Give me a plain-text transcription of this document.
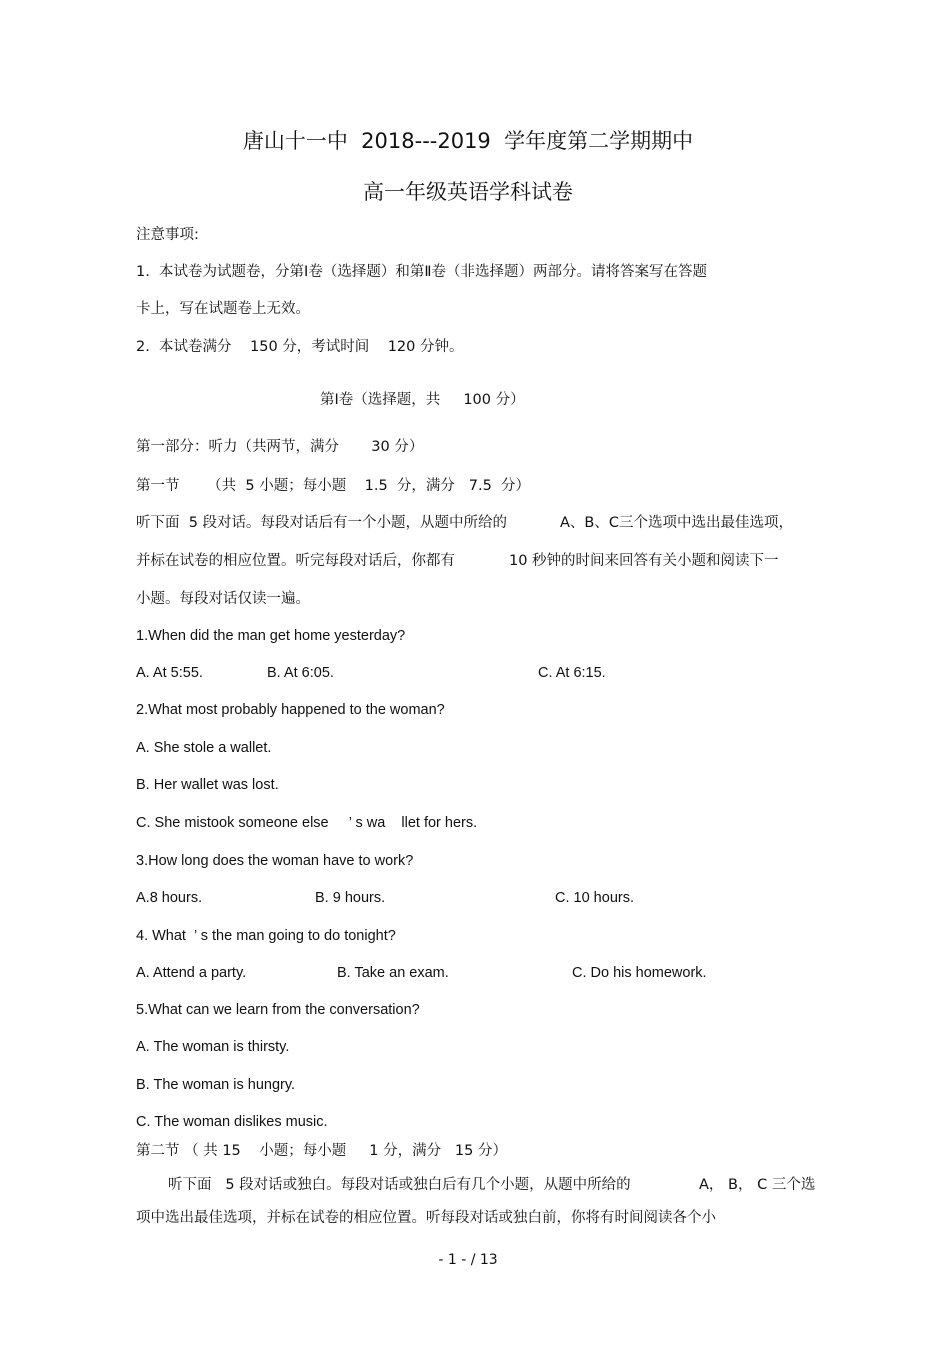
唐山十一中  2018---2019  学年度第二学期期中
高一年级英语学科试卷

注意事项:

1.  本试卷为试题卷，分第Ⅰ卷（选择题）和第Ⅱ卷（非选择题）两部分。请将答案写在答题

卡上，写在试题卷上无效。

2.  本试卷满分    150 分，考试时间    120 分钟。

第Ⅰ卷（选择题，共     100 分）

第一部分：听力（共两节，满分       30 分）

第一节      （共  5 小题；每小题    1.5  分，满分   7.5  分）

听下面  5 段对话。每段对话后有一个小题，从题中所给的	A、B、C三个选项中选出最佳选项，

并标在试卷的相应位置。听完每段对话后，你都有	10 秒钟的时间来回答有关小题和阅读下一

小题。每段对话仅读一遍。

1.When did the man get home yesterday?

A. At 5:55.	B. At 6:05.	C. At 6:15.

2.What most probably happened to the woman?

A. She stole a wallet.

B. Her wallet was lost.

C. She mistook someone else     ’ s wa    llet for hers.

3.How long does the woman have to work?

A.8 hours.	B. 9 hours.	C. 10 hours.

4. What  ’ s the man going to do tonight?

A. Attend a party.	B. Take an exam.	C. Do his homework.

5.What can we learn from the conversation?

A. The woman is thirsty.

B. The woman is hungry.

C. The woman dislikes music.

第二节 （ 共 15    小题；每小题     1 分，满分   15 分）

听下面   5 段对话或独白。每段对话或独白后有几个小题，从题中所给的	A， B， C 三个选

项中选出最佳选项，并标在试卷的相应位置。听每段对话或独白前，你将有时间阅读各个小

- 1 - / 13
